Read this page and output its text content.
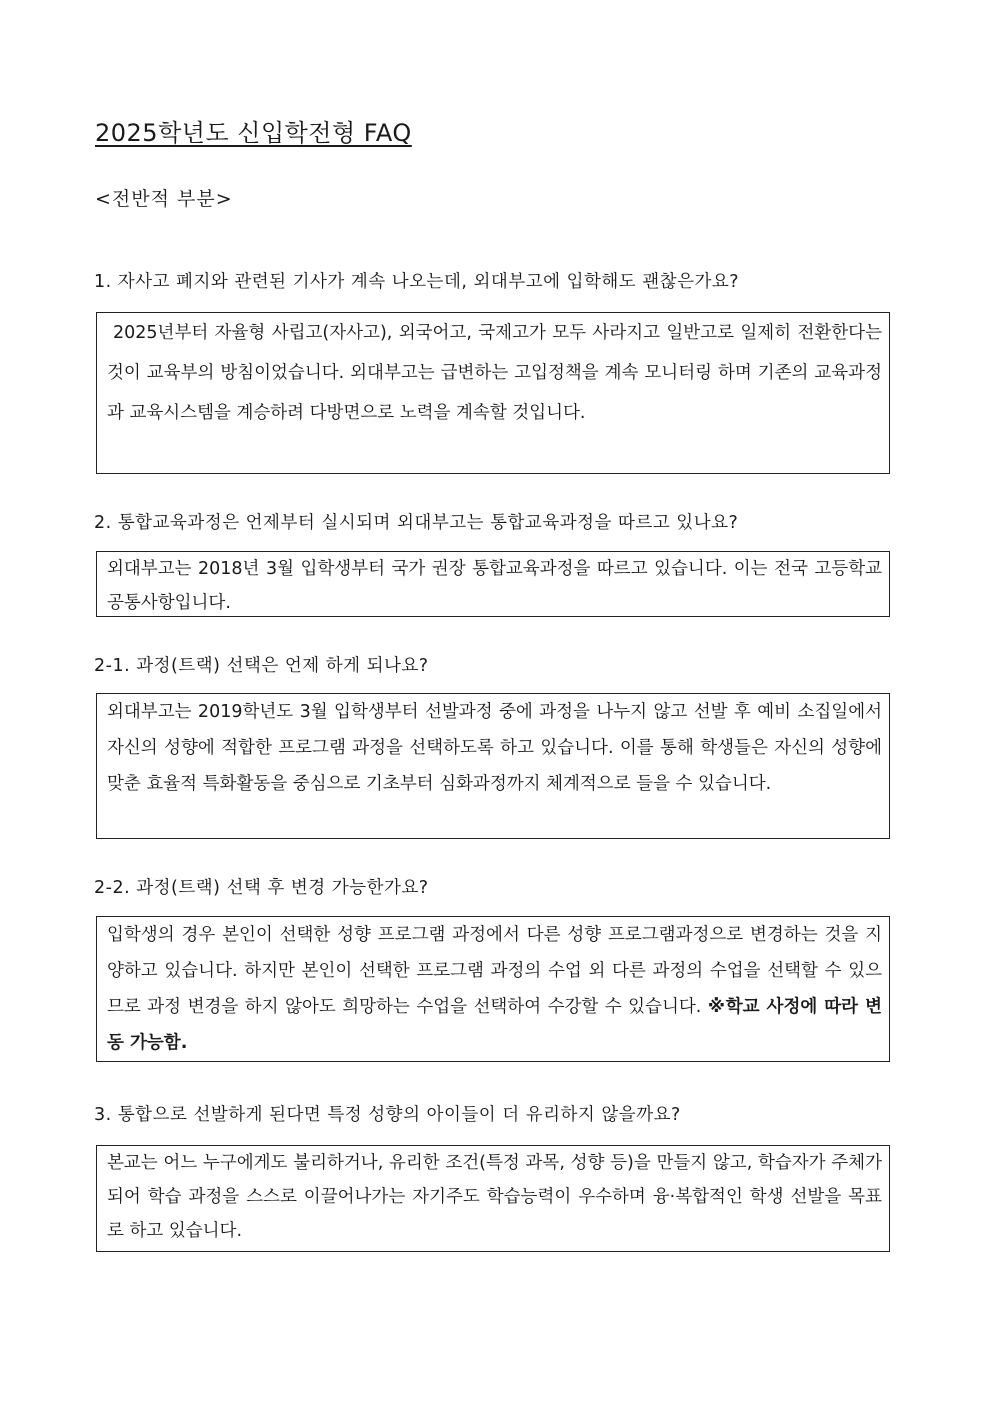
2025학년도 신입학전형 FAQ
<전반적 부분>
1. 자사고 폐지와 관련된 기사가 계속 나오는데, 외대부고에 입학해도 괜찮은가요?
2025년부터 자율형 사립고(자사고), 외국어고, 국제고가 모두 사라지고 일반고로 일제히 전환한다는 것이 교육부의 방침이었습니다. 외대부고는 급변하는 고입정책을 계속 모니터링 하며 기존의 교육과정과 교육시스템을 계승하려 다방면으로 노력을 계속할 것입니다.
2. 통합교육과정은 언제부터 실시되며 외대부고는 통합교육과정을 따르고 있나요?
외대부고는 2018년 3월 입학생부터 국가 권장 통합교육과정을 따르고 있습니다. 이는 전국 고등학교 공통사항입니다.
2-1. 과정(트랙) 선택은 언제 하게 되나요?
외대부고는 2019학년도 3월 입학생부터 선발과정 중에 과정을 나누지 않고 선발 후 예비 소집일에서 자신의 성향에 적합한 프로그램 과정을 선택하도록 하고 있습니다. 이를 통해 학생들은 자신의 성향에 맞춘 효율적 특화활동을 중심으로 기초부터 심화과정까지 체계적으로 들을 수 있습니다.
2-2. 과정(트랙) 선택 후 변경 가능한가요?
입학생의 경우 본인이 선택한 성향 프로그램 과정에서 다른 성향 프로그램과정으로 변경하는 것을 지양하고 있습니다. 하지만 본인이 선택한 프로그램 과정의 수업 외 다른 과정의 수업을 선택할 수 있으므로 과정 변경을 하지 않아도 희망하는 수업을 선택하여 수강할 수 있습니다. ※학교 사정에 따라 변동 가능함.
3. 통합으로 선발하게 된다면 특정 성향의 아이들이 더 유리하지 않을까요?
본교는 어느 누구에게도 불리하거나, 유리한 조건(특정 과목, 성향 등)을 만들지 않고, 학습자가 주체가 되어 학습 과정을 스스로 이끌어나가는 자기주도 학습능력이 우수하며 융·복합적인 학생 선발을 목표로 하고 있습니다.
